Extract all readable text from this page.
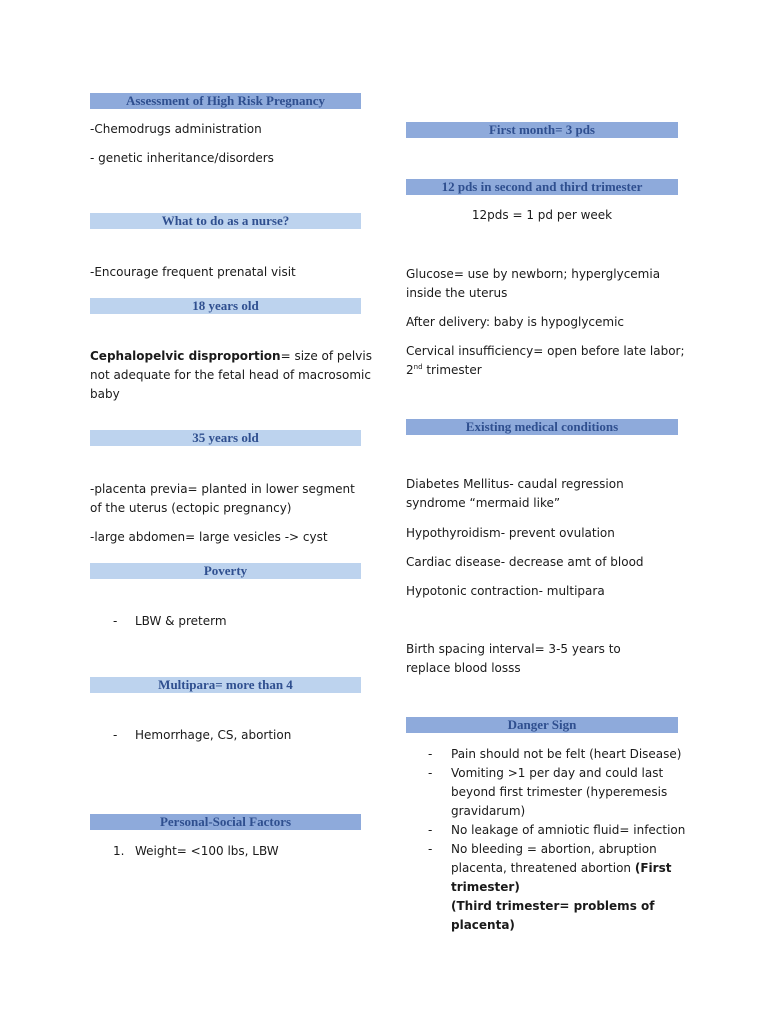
Assessment of High Risk Pregnancy
-Chemodrugs administration
- genetic inheritance/disorders
What to do as a nurse?
-Encourage frequent prenatal visit
18 years old
Cephalopelvic disproportion= size of pelvis not adequate for the fetal head of macrosomic baby
35 years old
-placenta previa= planted in lower segment of the uterus (ectopic pregnancy)
-large abdomen= large vesicles -> cyst
Poverty
- LBW & preterm
Multipara= more than 4
- Hemorrhage, CS, abortion
Personal-Social Factors
1. Weight= <100 lbs, LBW
First month= 3 pds
12 pds in second and third trimester
12pds = 1 pd per week
Glucose= use by newborn; hyperglycemia inside the uterus
After delivery: baby is hypoglycemic
Cervical insufficiency= open before late labor;
2nd trimester
Existing medical conditions
Diabetes Mellitus- caudal regression syndrome “mermaid like”
Hypothyroidism- prevent ovulation
Cardiac disease- decrease amt of blood
Hypotonic contraction- multipara
Birth spacing interval= 3-5 years to replace blood losss
Danger Sign
- Pain should not be felt (heart Disease)
- Vomiting >1 per day and could last beyond first trimester (hyperemesis gravidarum)
- No leakage of amniotic fluid= infection
- No bleeding = abortion, abruption placenta, threatened abortion (First trimester)
(Third trimester= problems of placenta)
